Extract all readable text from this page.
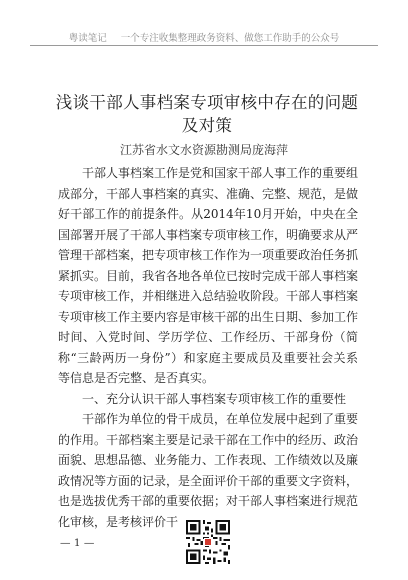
粤读笔记 一个专注收集整理政务资料、做您工作助手的公众号
浅谈干部人事档案专项审核中存在的问题及对策
江苏省水文水资源勘测局庞海萍

干部人事档案工作是党和国家干部人事工作的重要组成部分，干部人事档案的真实、准确、完整、规范，是做好干部工作的前提条件。从2014年10月开始，中央在全国部署开展了干部人事档案专项审核工作，明确要求从严管理干部档案，把专项审核工作作为一项重要政治任务抓紧抓实。目前，我省各地各单位已按时完成干部人事档案专项审核工作，并相继进入总结验收阶段。干部人事档案专项审核工作主要内容是审核干部的出生日期、参加工作时间、入党时间、学历学位、工作经历、干部身份（简称“三龄两历一身份”）和家庭主要成员及重要社会关系等信息是否完整、是否真实。

一、充分认识干部人事档案专项审核工作的重要性

干部作为单位的骨干成员，在单位发展中起到了重要的作用。干部档案主要是记录干部在工作中的经历、政治面貌、思想品德、业务能力、工作表现、工作绩效以及廉政情况等方面的记录，是全面评价干部的重要文字资料，也是选拔优秀干部的重要依据；对干部人事档案进行规范化审核，是考核评价干

— 1 —
